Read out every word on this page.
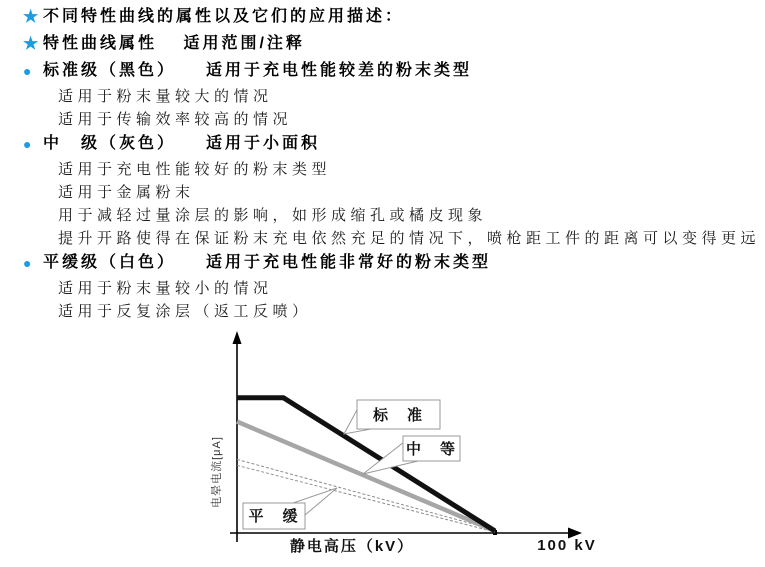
★ 不同特性曲线的属性以及它们的应用描述：
★ 特性曲线属性　 适用范围/注释
● 标准级（黑色）　　适用于充电性能较差的粉末类型
适用于粉末量较大的情况
适用于传输效率较高的情况
● 中　级（灰色）　　适用于小面积
适用于充电性能较好的粉末类型
适用于金属粉末
用于减轻过量涂层的影响，如形成缩孔或橘皮现象
提升开路使得在保证粉末充电依然充足的情况下，喷枪距工件的距离可以变得更远
● 平缓级（白色）　　适用于充电性能非常好的粉末类型
适用于粉末量较小的情况
适用于反复涂层（返工反喷）
标　准
中　等
平　缓
静电高压（kV）	100 kV
电晕电流[μA]
